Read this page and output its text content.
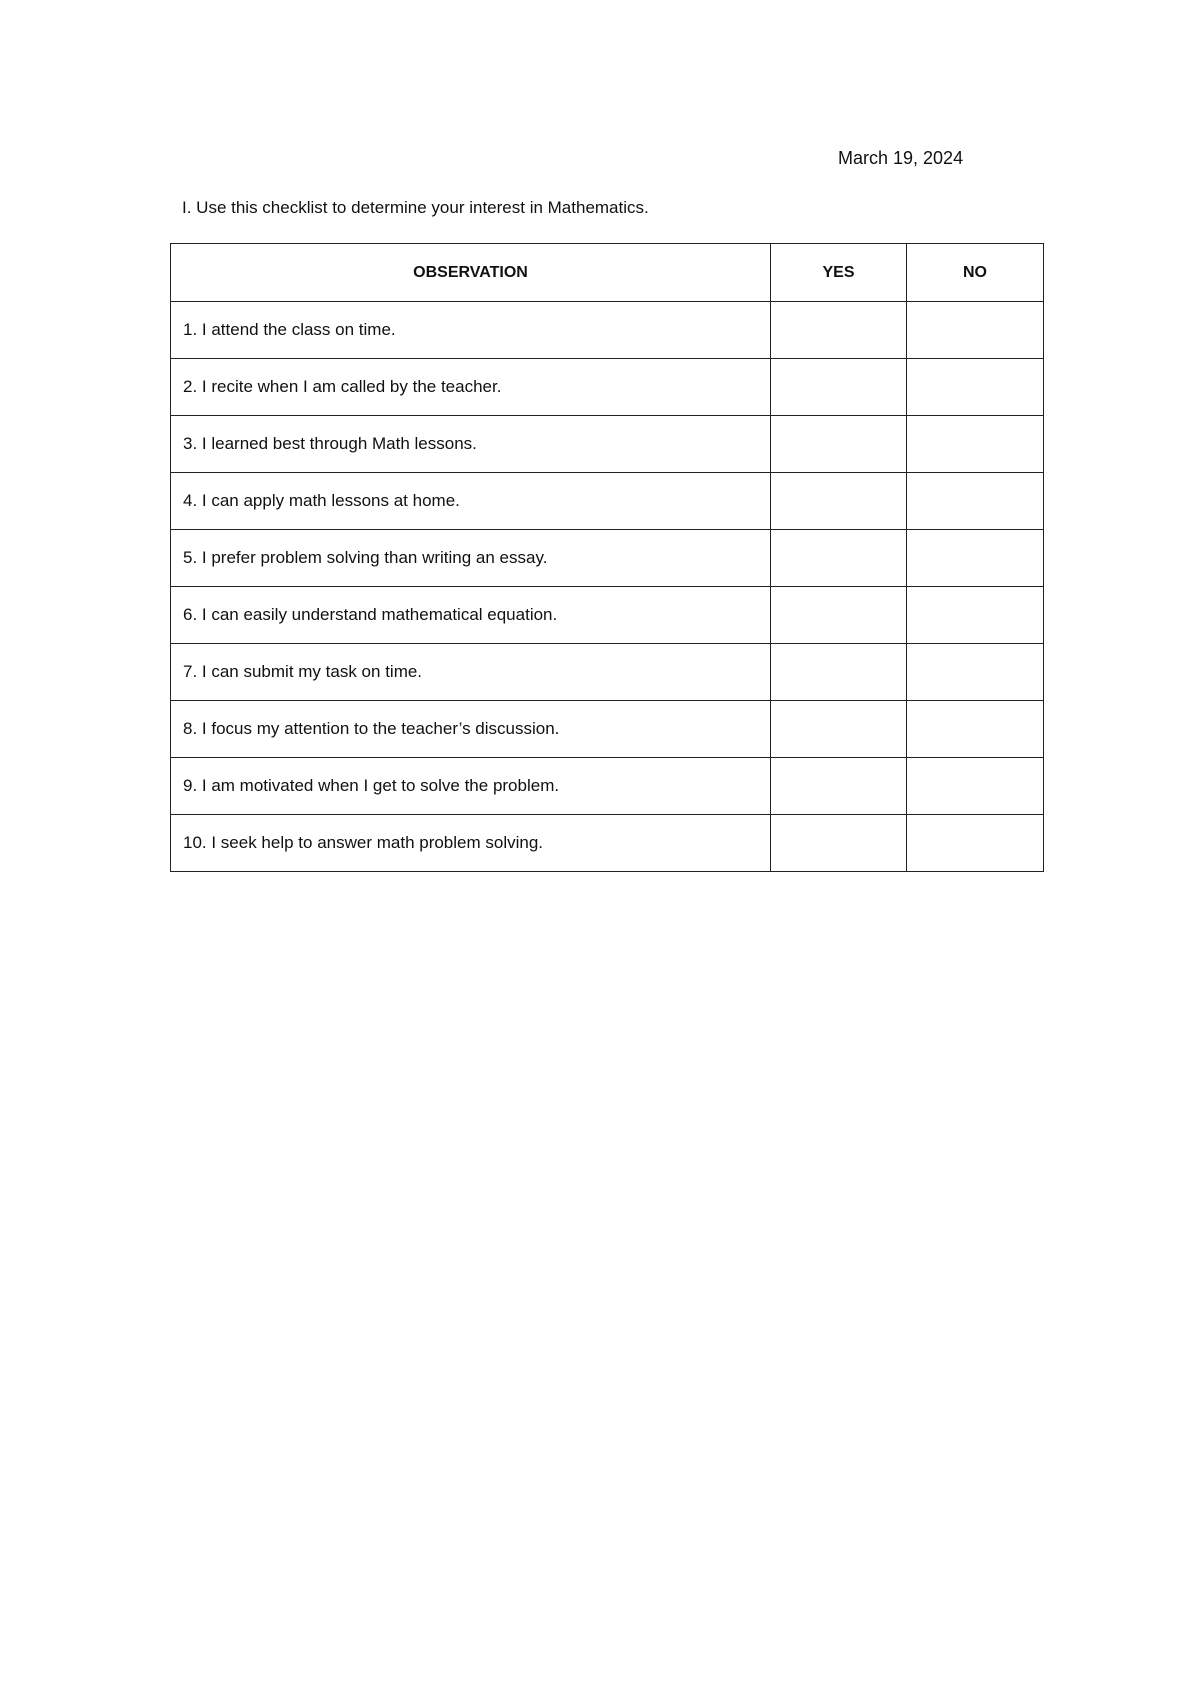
March 19, 2024
I. Use this checklist to determine your interest in Mathematics.
OBSERVATION	YES	NO
1. I attend the class on time.		
2. I recite when I am called by the teacher.		
3. I learned best through Math lessons.		
4. I can apply math lessons at home.		
5. I prefer problem solving than writing an essay.		
6. I can easily understand mathematical equation.		
7. I can submit my task on time.		
8. I focus my attention to the teacher’s discussion.		
9. I am motivated when I get to solve the problem.		
10. I seek help to answer math problem solving.		
